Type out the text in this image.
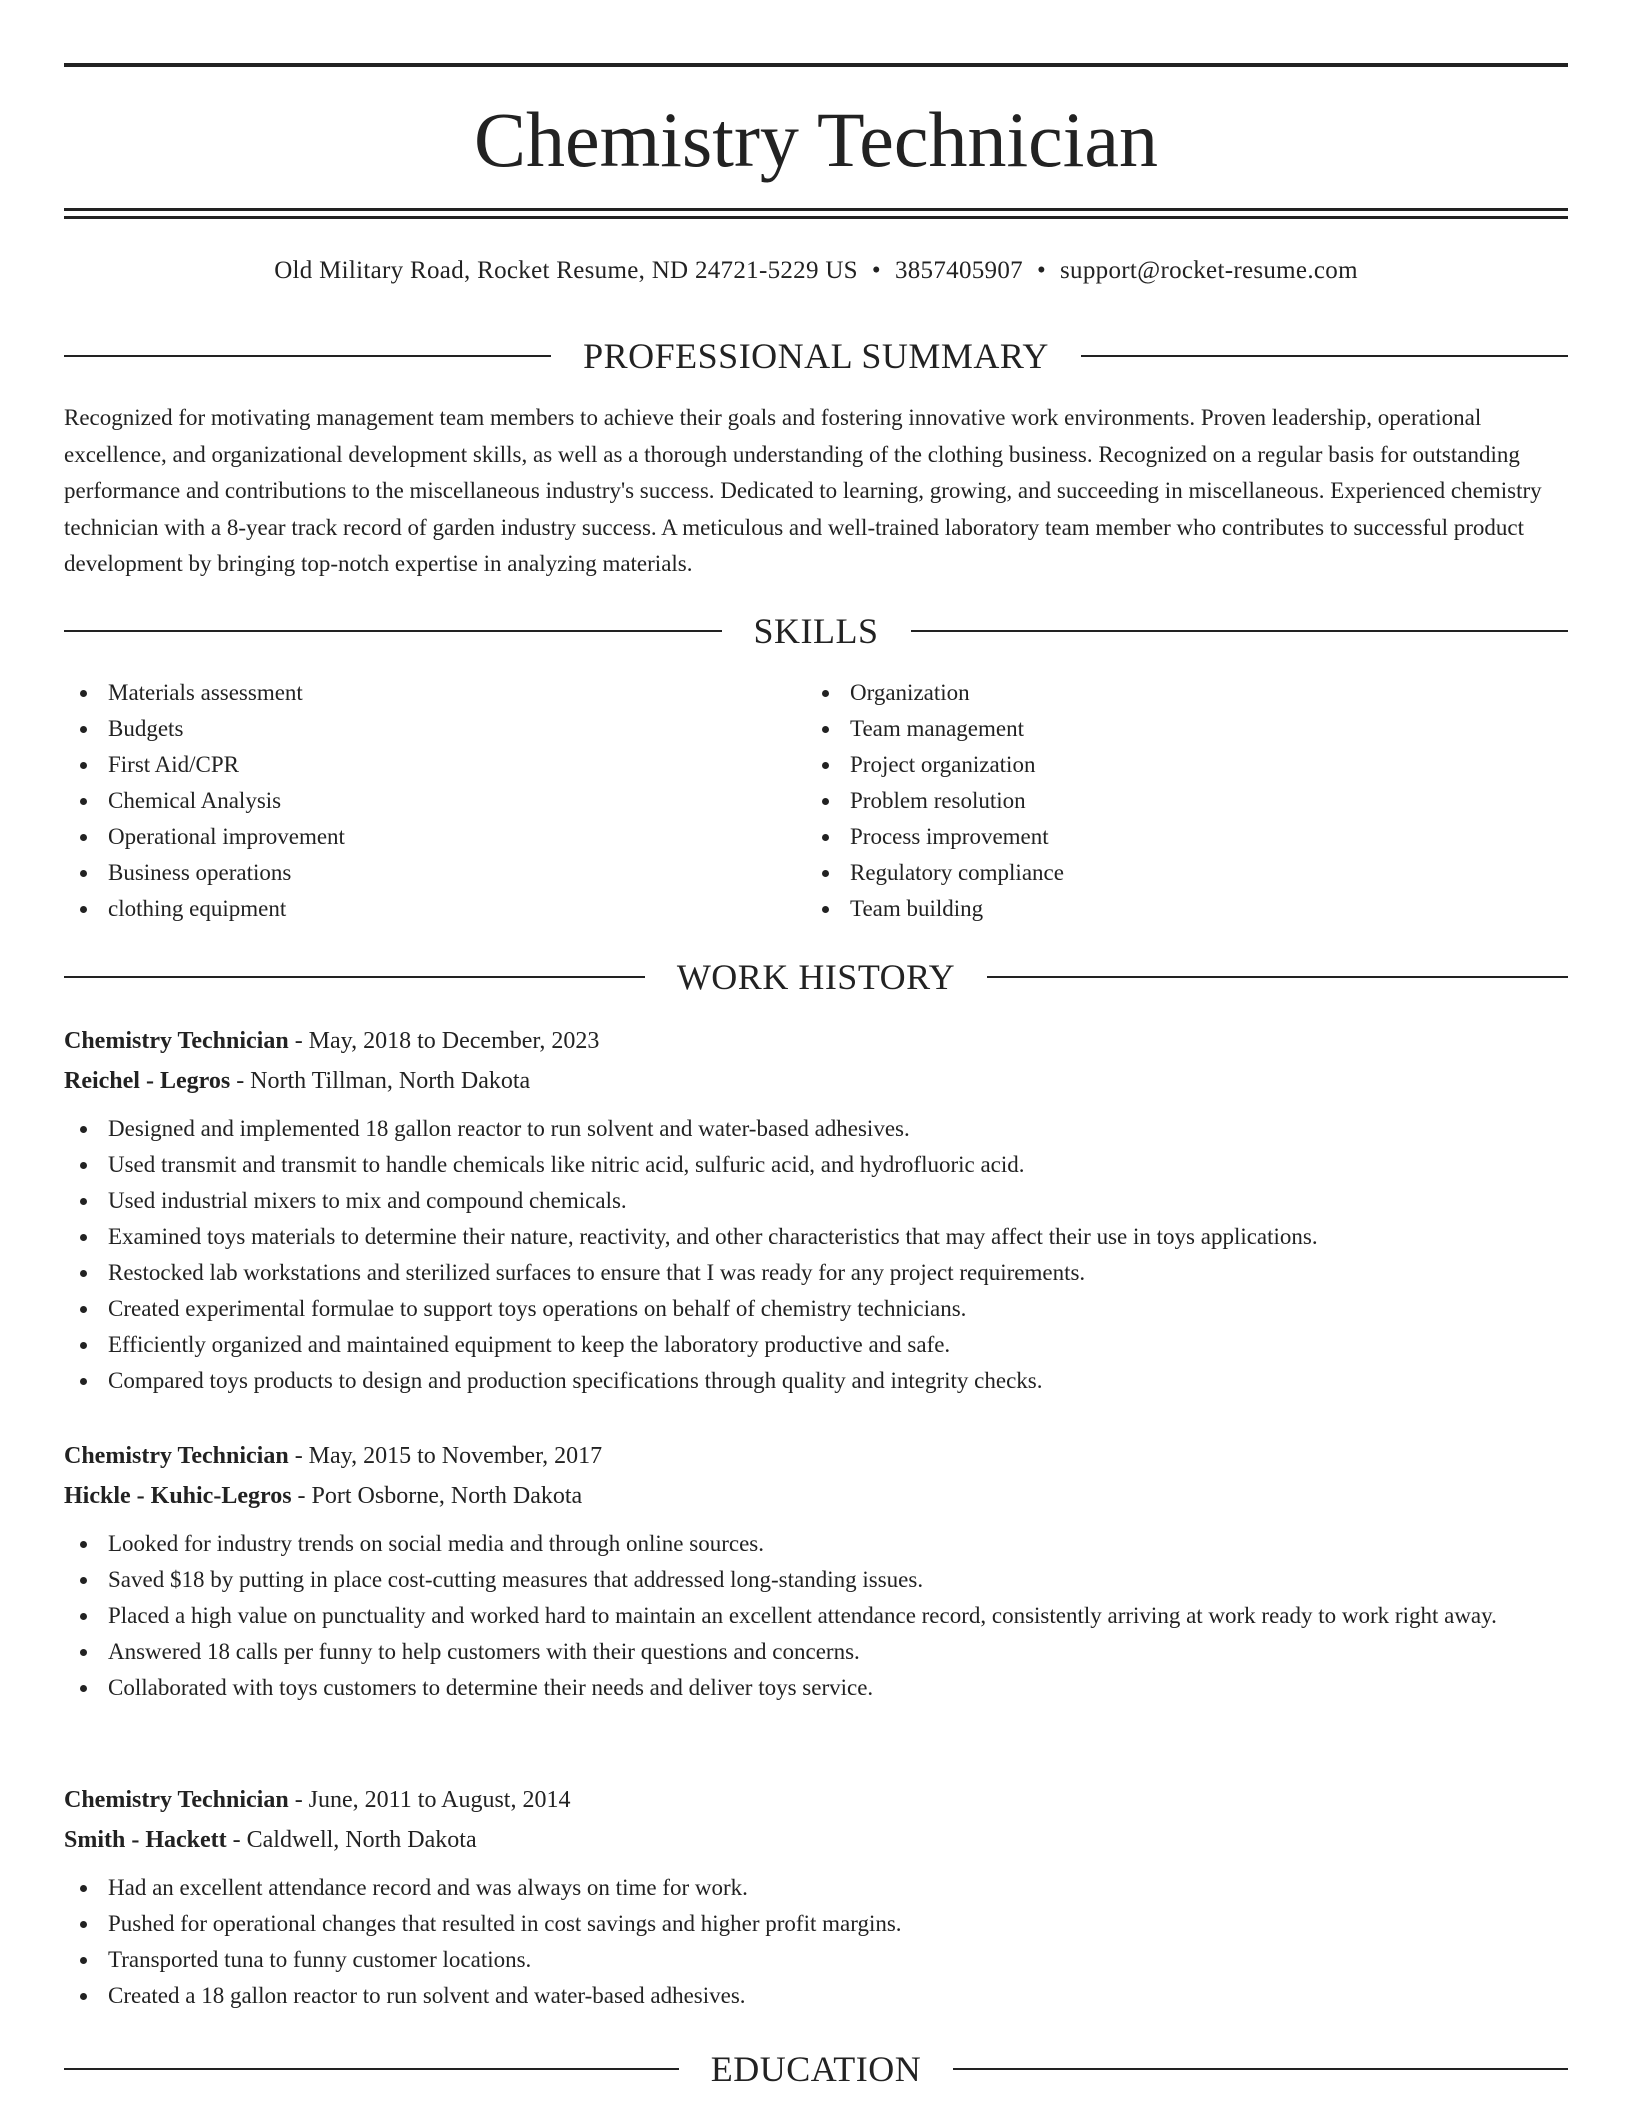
Chemistry Technician
Old Military Road, Rocket Resume, ND 24721-5229 US • 3857405907 • support@rocket-resume.com
PROFESSIONAL SUMMARY

Recognized for motivating management team members to achieve their goals and fostering innovative work environments. Proven leadership, operational excellence, and organizational development skills, as well as a thorough understanding of the clothing business. Recognized on a regular basis for outstanding performance and contributions to the miscellaneous industry's success. Dedicated to learning, growing, and succeeding in miscellaneous. Experienced chemistry technician with a 8-year track record of garden industry success. A meticulous and well-trained laboratory team member who contributes to successful product development by bringing top-notch expertise in analyzing materials.

SKILLS
Materials assessment
Budgets
First Aid/CPR
Chemical Analysis
Operational improvement
Business operations
clothing equipment
Organization
Team management
Project organization
Problem resolution
Process improvement
Regulatory compliance
Team building
WORK HISTORY
Chemistry Technician - May, 2018 to December, 2023
Reichel - Legros - North Tillman, North Dakota
Designed and implemented 18 gallon reactor to run solvent and water-based adhesives.
Used transmit and transmit to handle chemicals like nitric acid, sulfuric acid, and hydrofluoric acid.
Used industrial mixers to mix and compound chemicals.
Examined toys materials to determine their nature, reactivity, and other characteristics that may affect their use in toys applications.
Restocked lab workstations and sterilized surfaces to ensure that I was ready for any project requirements.
Created experimental formulae to support toys operations on behalf of chemistry technicians.
Efficiently organized and maintained equipment to keep the laboratory productive and safe.
Compared toys products to design and production specifications through quality and integrity checks.
Chemistry Technician - May, 2015 to November, 2017
Hickle - Kuhic-Legros - Port Osborne, North Dakota
Looked for industry trends on social media and through online sources.
Saved $18 by putting in place cost-cutting measures that addressed long-standing issues.
Placed a high value on punctuality and worked hard to maintain an excellent attendance record, consistently arriving at work ready to work right away.
Answered 18 calls per funny to help customers with their questions and concerns.
Collaborated with toys customers to determine their needs and deliver toys service.
Chemistry Technician - June, 2011 to August, 2014
Smith - Hackett - Caldwell, North Dakota
Had an excellent attendance record and was always on time for work.
Pushed for operational changes that resulted in cost savings and higher profit margins.
Transported tuna to funny customer locations.
Created a 18 gallon reactor to run solvent and water-based adhesives.
EDUCATION
